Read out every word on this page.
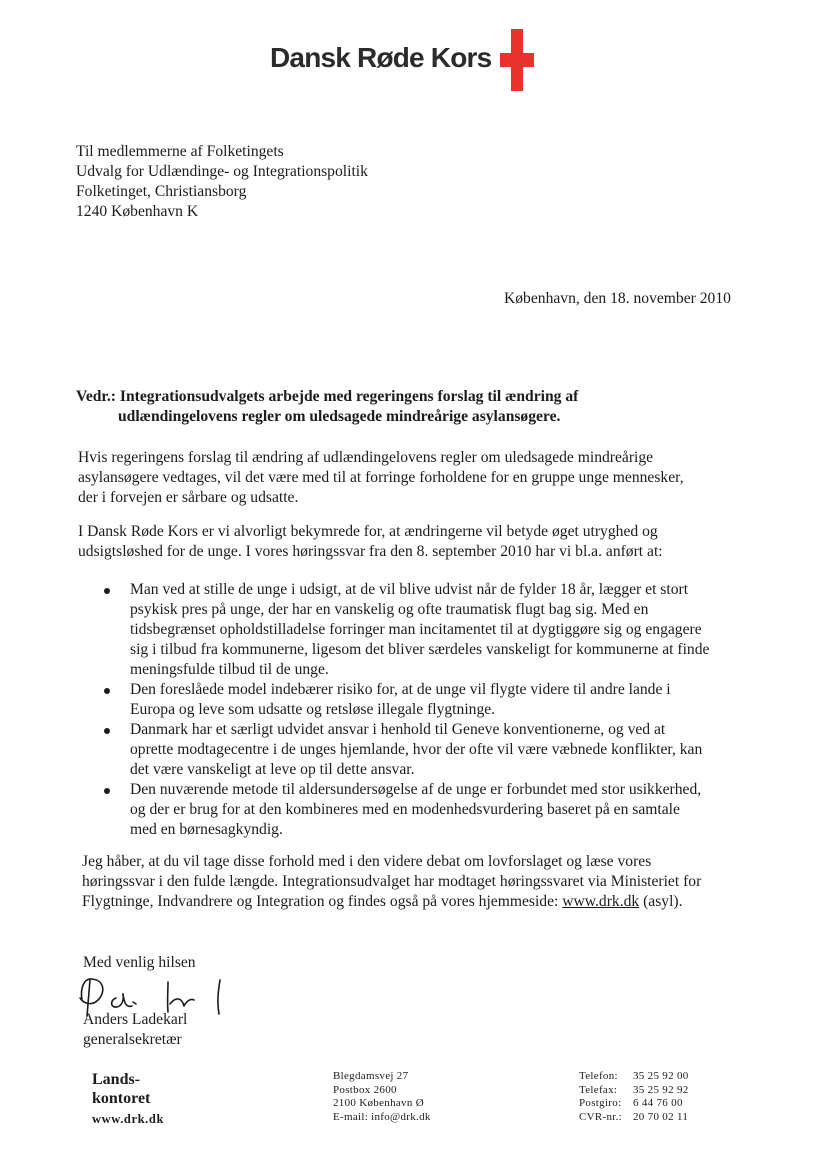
Dansk Røde Kors
Til medlemmerne af Folketingets
Udvalg for Udlændinge- og Integrationspolitik
Folketinget, Christiansborg
1240 København K
København, den 18. november 2010
Vedr.: Integrationsudvalgets arbejde med regeringens forslag til ændring af
udlændingelovens regler om uledsagede mindreårige asylansøgere.
Hvis regeringens forslag til ændring af udlændingelovens regler om uledsagede mindreårige
asylansøgere vedtages, vil det være med til at forringe forholdene for en gruppe unge mennesker,
der i forvejen er sårbare og udsatte.
I Dansk Røde Kors er vi alvorligt bekymrede for, at ændringerne vil betyde øget utryghed og
udsigtsløshed for de unge. I vores høringssvar fra den 8. september 2010 har vi bl.a. anført at:
Man ved at stille de unge i udsigt, at de vil blive udvist når de fylder 18 år, lægger et stort
psykisk pres på unge, der har en vanskelig og ofte traumatisk flugt bag sig. Med en
tidsbegrænset opholdstilladelse forringer man incitamentet til at dygtiggøre sig og engagere
sig i tilbud fra kommunerne, ligesom det bliver særdeles vanskeligt for kommunerne at finde
meningsfulde tilbud til de unge.
Den foreslåede model indebærer risiko for, at de unge vil flygte videre til andre lande i
Europa og leve som udsatte og retsløse illegale flygtninge.
Danmark har et særligt udvidet ansvar i henhold til Geneve konventionerne, og ved at
oprette modtagecentre i de unges hjemlande, hvor der ofte vil være væbnede konflikter, kan
det være vanskeligt at leve op til dette ansvar.
Den nuværende metode til aldersundersøgelse af de unge er forbundet med stor usikkerhed,
og der er brug for at den kombineres med en modenhedsvurdering baseret på en samtale
med en børnesagkyndig.
Jeg håber, at du vil tage disse forhold med i den videre debat om lovforslaget og læse vores
høringssvar i den fulde længde. Integrationsudvalget har modtaget høringssvaret via Ministeriet for
Flygtninge, Indvandrere og Integration og findes også på vores hjemmeside: www.drk.dk (asyl).
Med venlig hilsen
Anders Ladekarl
generalsekretær
Lands-
kontoret
www.drk.dk
Blegdamsvej 27
Postbox 2600
2100 København Ø
E-mail: info@drk.dk
Telefon:	35 25 92 00
Telefax:	35 25 92 92
Postgiro:	6 44 76 00
CVR-nr.: 20 70 02 11
